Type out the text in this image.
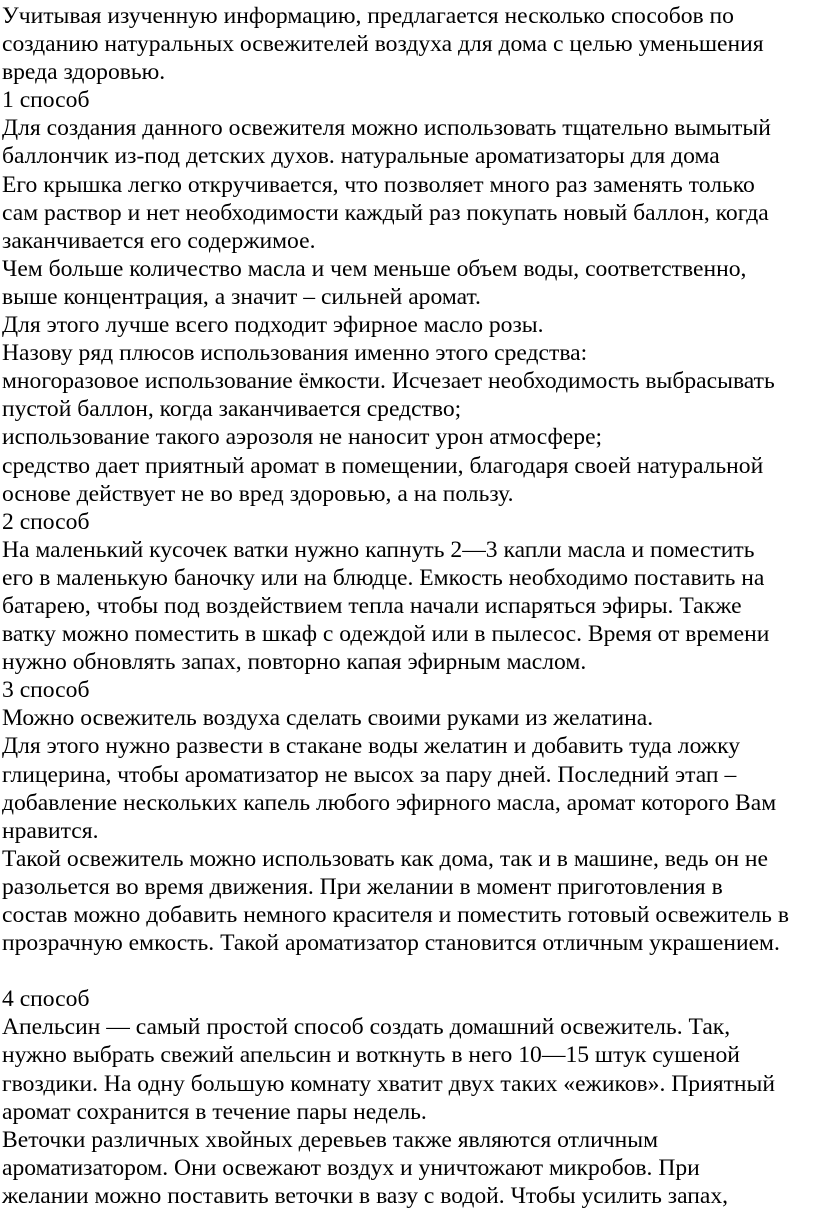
Учитывая изученную информацию, предлагается несколько способов по
созданию натуральных освежителей воздуха для дома с целью уменьшения
вреда здоровью.
1 способ
Для создания данного освежителя можно использовать тщательно вымытый
баллончик из-под детских духов. натуральные ароматизаторы для дома
Его крышка легко откручивается, что позволяет много раз заменять только
сам раствор и нет необходимости каждый раз покупать новый баллон, когда
заканчивается его содержимое.
Чем больше количество масла и чем меньше объем воды, соответственно,
выше концентрация, а значит – сильней аромат.
Для этого лучше всего подходит эфирное масло розы.
Назову ряд плюсов использования именно этого средства:
многоразовое использование ёмкости. Исчезает необходимость выбрасывать
пустой баллон, когда заканчивается средство;
использование такого аэрозоля не наносит урон атмосфере;
средство дает приятный аромат в помещении, благодаря своей натуральной
основе действует не во вред здоровью, а на пользу.
2 способ
На маленький кусочек ватки нужно капнуть 2—3 капли масла и поместить
его в маленькую баночку или на блюдце. Емкость необходимо поставить на
батарею, чтобы под воздействием тепла начали испаряться эфиры. Также
ватку можно поместить в шкаф с одеждой или в пылесос. Время от времени
нужно обновлять запах, повторно капая эфирным маслом.
3 способ
Можно освежитель воздуха сделать своими руками из желатина.
Для этого нужно развести в стакане воды желатин и добавить туда ложку
глицерина, чтобы ароматизатор не высох за пару дней. Последний этап –
добавление нескольких капель любого эфирного масла, аромат которого Вам
нравится.
Такой освежитель можно использовать как дома, так и в машине, ведь он не
разольется во время движения. При желании в момент приготовления в
состав можно добавить немного красителя и поместить готовый освежитель в
прозрачную емкость. Такой ароматизатор становится отличным украшением.
4 способ
Апельсин — самый простой способ создать домашний освежитель. Так,
нужно выбрать свежий апельсин и воткнуть в него 10—15 штук сушеной
гвоздики. На одну большую комнату хватит двух таких «ежиков». Приятный
аромат сохранится в течение пары недель.
Веточки различных хвойных деревьев также являются отличным
ароматизатором. Они освежают воздух и уничтожают микробов. При
желании можно поставить веточки в вазу с водой. Чтобы усилить запах,
